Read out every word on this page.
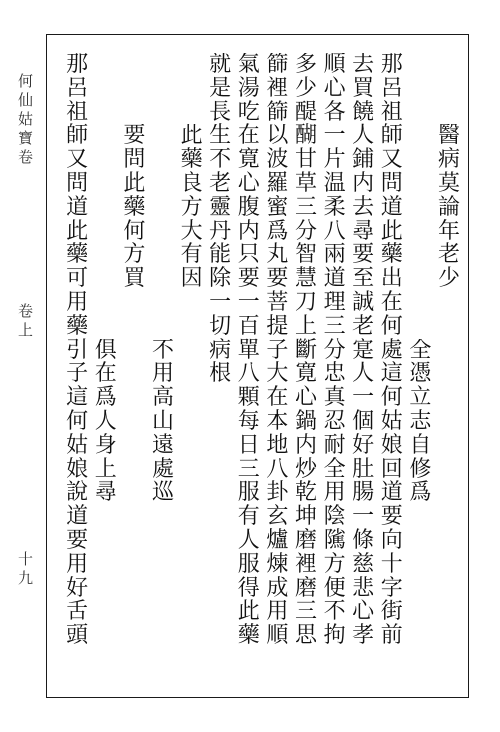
何
仙
姑
寶
卷
卷
上
十
九
醫
病
莫
論
年
老
少
全
憑
立
志
自
修
爲
那
呂
祖
師
又
問
道
此
藥
出
在
何
處
這
何
姑
娘
回
道
要
向
十
字
街
前
去
買
饒
人
鋪
内
去
尋
要
至
誠
老
寔
人
一
個
好
肚
腸
一
條
慈
悲
心
孝
順
心
各
一
片
温
柔
八
兩
道
理
三
分
忠
真
忍
耐
全
用
陰
隲
方
便
不
拘
多
少
醍
醐
甘
草
三
分
智
慧
刀
上
斷
寛
心
鍋
内
炒
乾
坤
磨
裡
磨
三
思
篩
裡
篩
以
波
羅
蜜
爲
丸
要
菩
提
子
大
在
本
地
八
卦
玄
爐
煉
成
用
順
氣
湯
吃
在
寛
心
腹
内
只
要
一
百
單
八
顆
每
日
三
服
有
人
服
得
此
藥
就
是
長
生
不
老
靈
丹
能
除
一
切
病
根
此
藥
良
方
大
有
因
不
用
高
山
遠
處
巡
要
問
此
藥
何
方
買
俱
在
爲
人
身
上
尋
那
呂
祖
師
又
問
道
此
藥
可
用
藥
引
子
這
何
姑
娘
說
道
要
用
好
舌
頭
